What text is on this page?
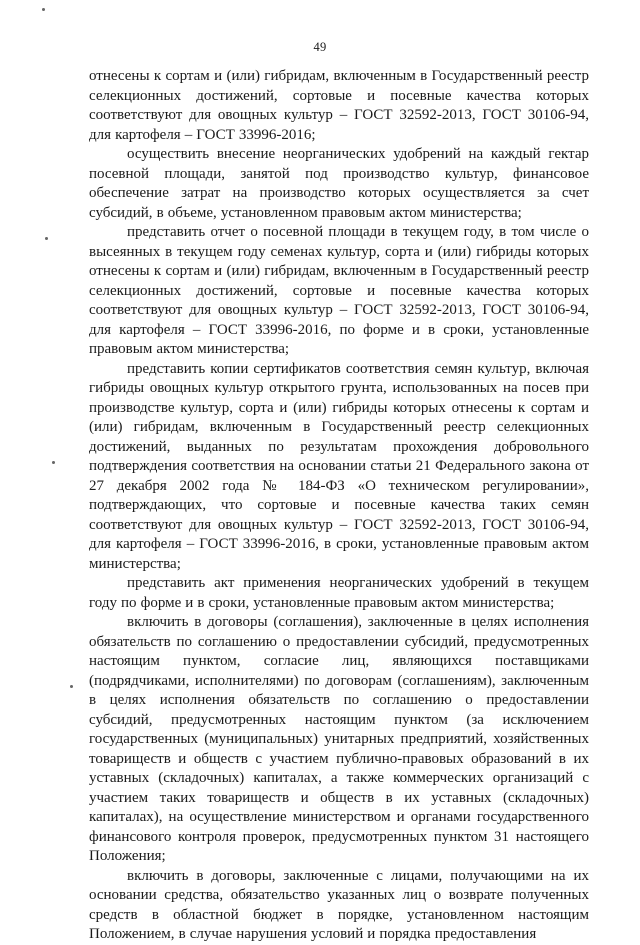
49

отнесены к сортам и (или) гибридам, включенным в Государственный реестр селекционных достижений, сортовые и посевные качества которых соответствуют для овощных культур – ГОСТ 32592-2013, ГОСТ 30106-94, для картофеля – ГОСТ 33996-2016;

осуществить внесение неорганических удобрений на каждый гектар посевной площади, занятой под производство культур, финансовое обеспечение затрат на производство которых осуществляется за счет субсидий, в объеме, установленном правовым актом министерства;

представить отчет о посевной площади в текущем году, в том числе о высеянных в текущем году семенах культур, сорта и (или) гибриды которых отнесены к сортам и (или) гибридам, включенным в Государственный реестр селекционных достижений, сортовые и посевные качества которых соответствуют для овощных культур – ГОСТ 32592-2013, ГОСТ 30106-94, для картофеля – ГОСТ 33996-2016, по форме и в сроки, установленные правовым актом министерства;

представить копии сертификатов соответствия семян культур, включая гибриды овощных культур открытого грунта, использованных на посев при производстве культур, сорта и (или) гибриды которых отнесены к сортам и (или) гибридам, включенным в Государственный реестр селекционных достижений, выданных по результатам прохождения добровольного подтверждения соответствия на основании статьи 21 Федерального закона от 27 декабря 2002 года № 184-ФЗ «О техническом регулировании», подтверждающих, что сортовые и посевные качества таких семян соответствуют для овощных культур – ГОСТ 32592-2013, ГОСТ 30106-94, для картофеля – ГОСТ 33996-2016, в сроки, установленные правовым актом министерства;

представить акт применения неорганических удобрений в текущем году по форме и в сроки, установленные правовым актом министерства;

включить в договоры (соглашения), заключенные в целях исполнения обязательств по соглашению о предоставлении субсидий, предусмотренных настоящим пунктом, согласие лиц, являющихся поставщиками (подрядчиками, исполнителями) по договорам (соглашениям), заключенным в целях исполнения обязательств по соглашению о предоставлении субсидий, предусмотренных настоящим пунктом (за исключением государственных (муниципальных) унитарных предприятий, хозяйственных товариществ и обществ с участием публично-правовых образований в их уставных (складочных) капиталах, а также коммерческих организаций с участием таких товариществ и обществ в их уставных (складочных) капиталах), на осуществление министерством и органами государственного финансового контроля проверок, предусмотренных пунктом 31 настоящего Положения;

включить в договоры, заключенные с лицами, получающими на их основании средства, обязательство указанных лиц о возврате полученных средств в областной бюджет в порядке, установленном настоящим Положением, в случае нарушения условий и порядка предоставления
